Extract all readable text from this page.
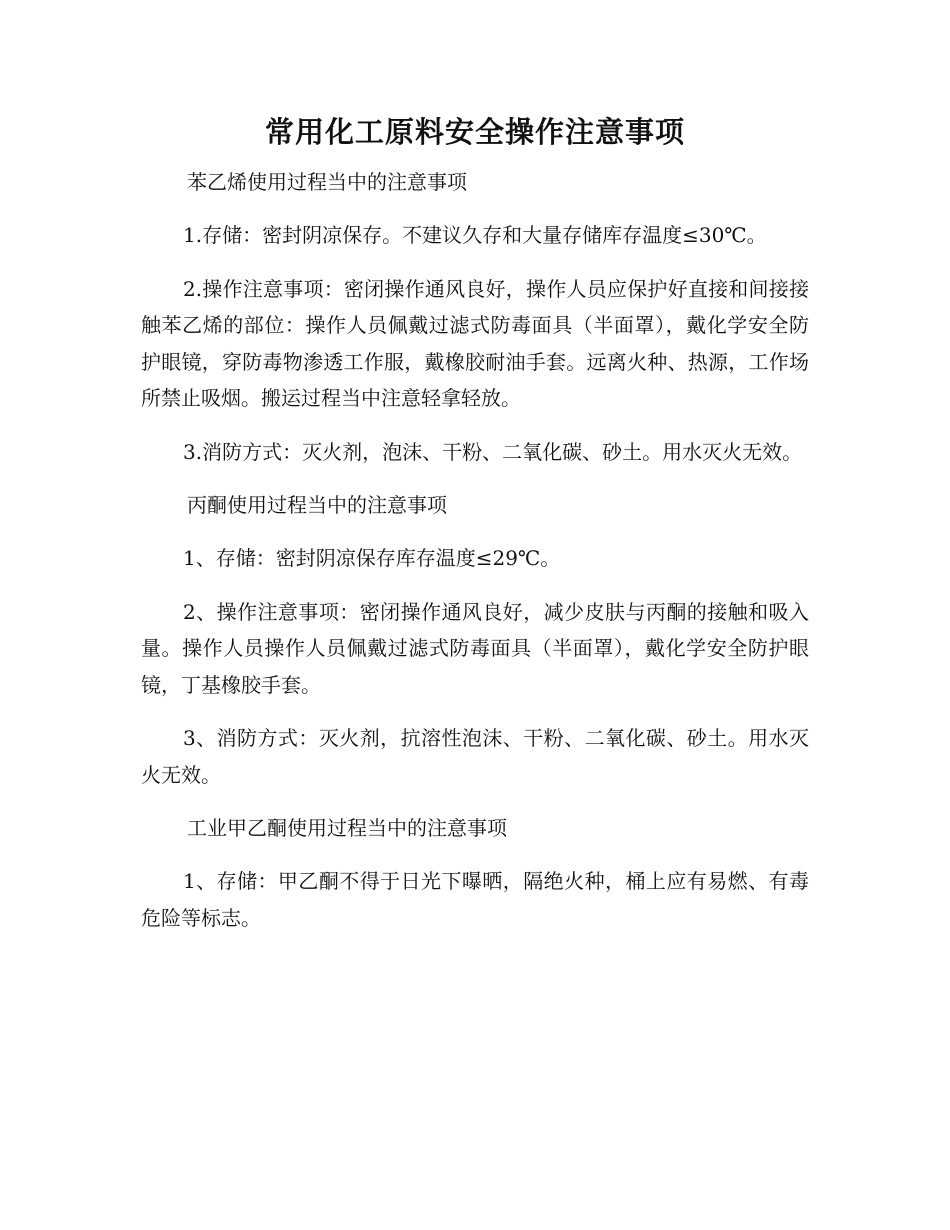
常用化工原料安全操作注意事项

苯乙烯使用过程当中的注意事项

1.存储：密封阴凉保存。不建议久存和大量存储库存温度≤30℃。

2.操作注意事项：密闭操作通风良好，操作人员应保护好直接和间接接触苯乙烯的部位：操作人员佩戴过滤式防毒面具（半面罩），戴化学安全防护眼镜，穿防毒物渗透工作服，戴橡胶耐油手套。远离火种、热源，工作场所禁止吸烟。搬运过程当中注意轻拿轻放。

3.消防方式：灭火剂，泡沫、干粉、二氧化碳、砂土。用水灭火无效。

丙酮使用过程当中的注意事项

1、存储：密封阴凉保存库存温度≤29℃。

2、操作注意事项：密闭操作通风良好，减少皮肤与丙酮的接触和吸入量。操作人员操作人员佩戴过滤式防毒面具（半面罩），戴化学安全防护眼镜，丁基橡胶手套。

3、消防方式：灭火剂，抗溶性泡沫、干粉、二氧化碳、砂土。用水灭火无效。

工业甲乙酮使用过程当中的注意事项

1、存储：甲乙酮不得于日光下曝晒，隔绝火种，桶上应有易燃、有毒危险等标志。
